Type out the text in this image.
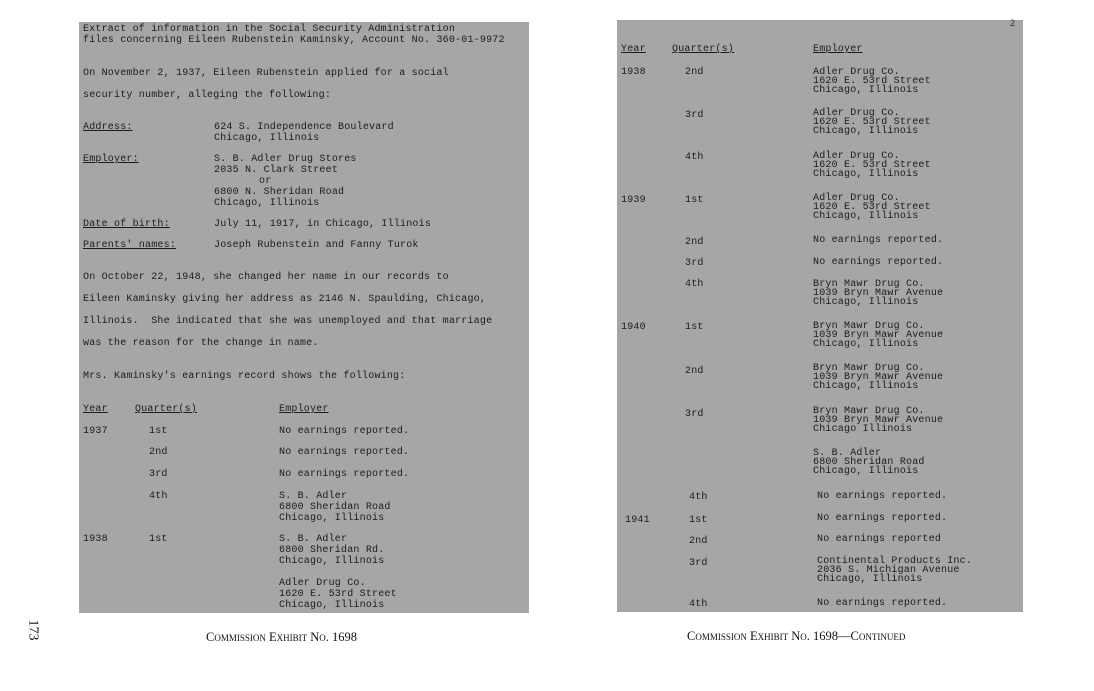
Extract of information in the Social Security Administration
files concerning Eileen Rubenstein Kaminsky, Account No. 360-01-9972
On November 2, 1937, Eileen Rubenstein applied for a social
security number, alleging the following:
Address:	624 S. Independence Boulevard
Chicago, Illinois
Employer:	S. B. Adler Drug Stores
2035 N. Clark Street
or
6800 N. Sheridan Road
Chicago, Illinois
Date of birth:	July 11, 1917, in Chicago, Illinois
Parents' names:	Joseph Rubenstein and Fanny Turok
On October 22, 1948, she changed her name in our records to
Eileen Kaminsky giving her address as 2146 N. Spaulding, Chicago,
Illinois.  She indicated that she was unemployed and that marriage
was the reason for the change in name.
Mrs. Kaminsky's earnings record shows the following:
Year	Quarter(s)	Employer
1937	1st	No earnings reported.
2nd	No earnings reported.
3rd	No earnings reported.
4th	S. B. Adler
6800 Sheridan Road
Chicago, Illinois
1938	1st	S. B. Adler
6800 Sheridan Rd.
Chicago, Illinois
Adler Drug Co.
1620 E. 53rd Street
Chicago, Illinois
Year	Quarter(s)	Employer
1938	2nd	Adler Drug Co.
1620 E. 53rd Street
Chicago, Illinois
3rd	Adler Drug Co.
1620 E. 53rd Street
Chicago, Illinois
4th	Adler Drug Co.
1620 E. 53rd Street
Chicago, Illinois
1939	1st	Adler Drug Co.
1620 E. 53rd Street
Chicago, Illinois
2nd	No earnings reported.
3rd	No earnings reported.
4th	Bryn Mawr Drug Co.
1039 Bryn Mawr Avenue
Chicago, Illinois
1940	1st	Bryn Mawr Drug Co.
1039 Bryn Mawr Avenue
Chicago, Illinois
2nd	Bryn Mawr Drug Co.
1039 Bryn Mawr Avenue
Chicago, Illinois
3rd	Bryn Mawr Drug Co.
1039 Bryn Mawr Avenue
Chicago Illinois
S. B. Adler
6800 Sheridan Road
Chicago, Illinois
4th	No earnings reported.
1941	1st	No earnings reported.
2nd	No earnings reported
3rd	Continental Products Inc.
2036 S. Michigan Avenue
Chicago, Illinois
4th	No earnings reported.
2
Commission Exhibit No. 1698	Commission Exhibit No. 1698—Continued
173
